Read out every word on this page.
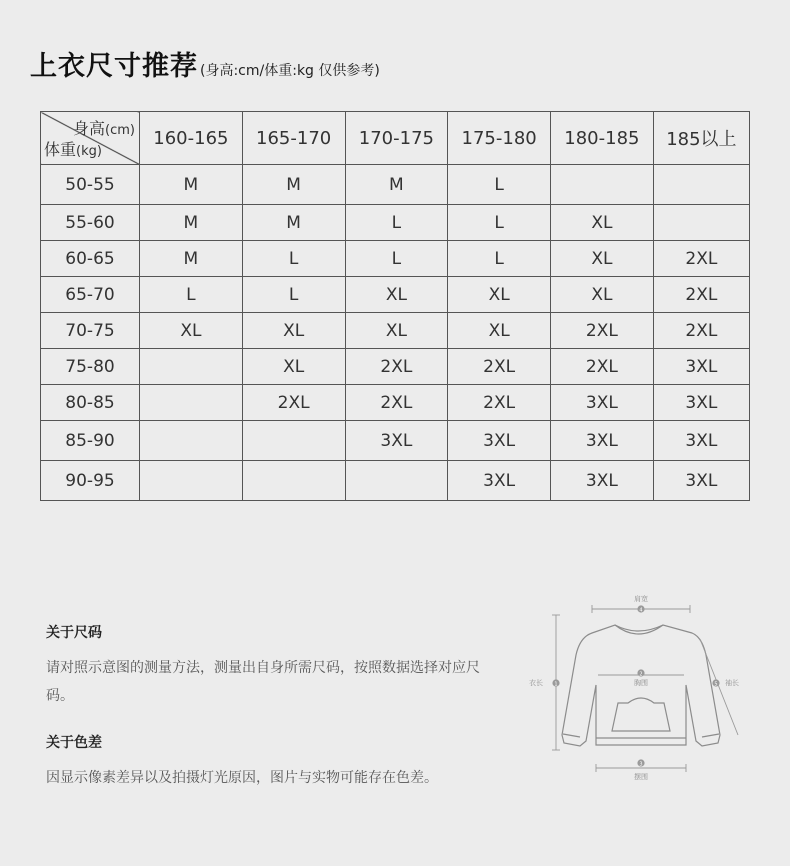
上衣尺寸推荐 (身高:cm/体重:kg 仅供参考)
身高(cm)
体重(kg)	160-165	165-170	170-175	175-180	180-185	185以上
50-55	M	M	M	L		
55-60	M	M	L	L	XL	
60-65	M	L	L	L	XL	2XL
65-70	L	L	XL	XL	XL	2XL
70-75	XL	XL	XL	XL	2XL	2XL
75-80		XL	2XL	2XL	2XL	3XL
80-85		2XL	2XL	2XL	3XL	3XL
85-90			3XL	3XL	3XL	3XL
90-95				3XL	3XL	3XL

关于尺码

请对照示意图的测量方法，测量出自身所需尺码，按照数据选择对应尺码。

关于色差

因显示像素差异以及拍摄灯光原因，图片与实物可能存在色差。

肩宽
4
衣长 1
2
胸围	5 袖长
3
摆围
